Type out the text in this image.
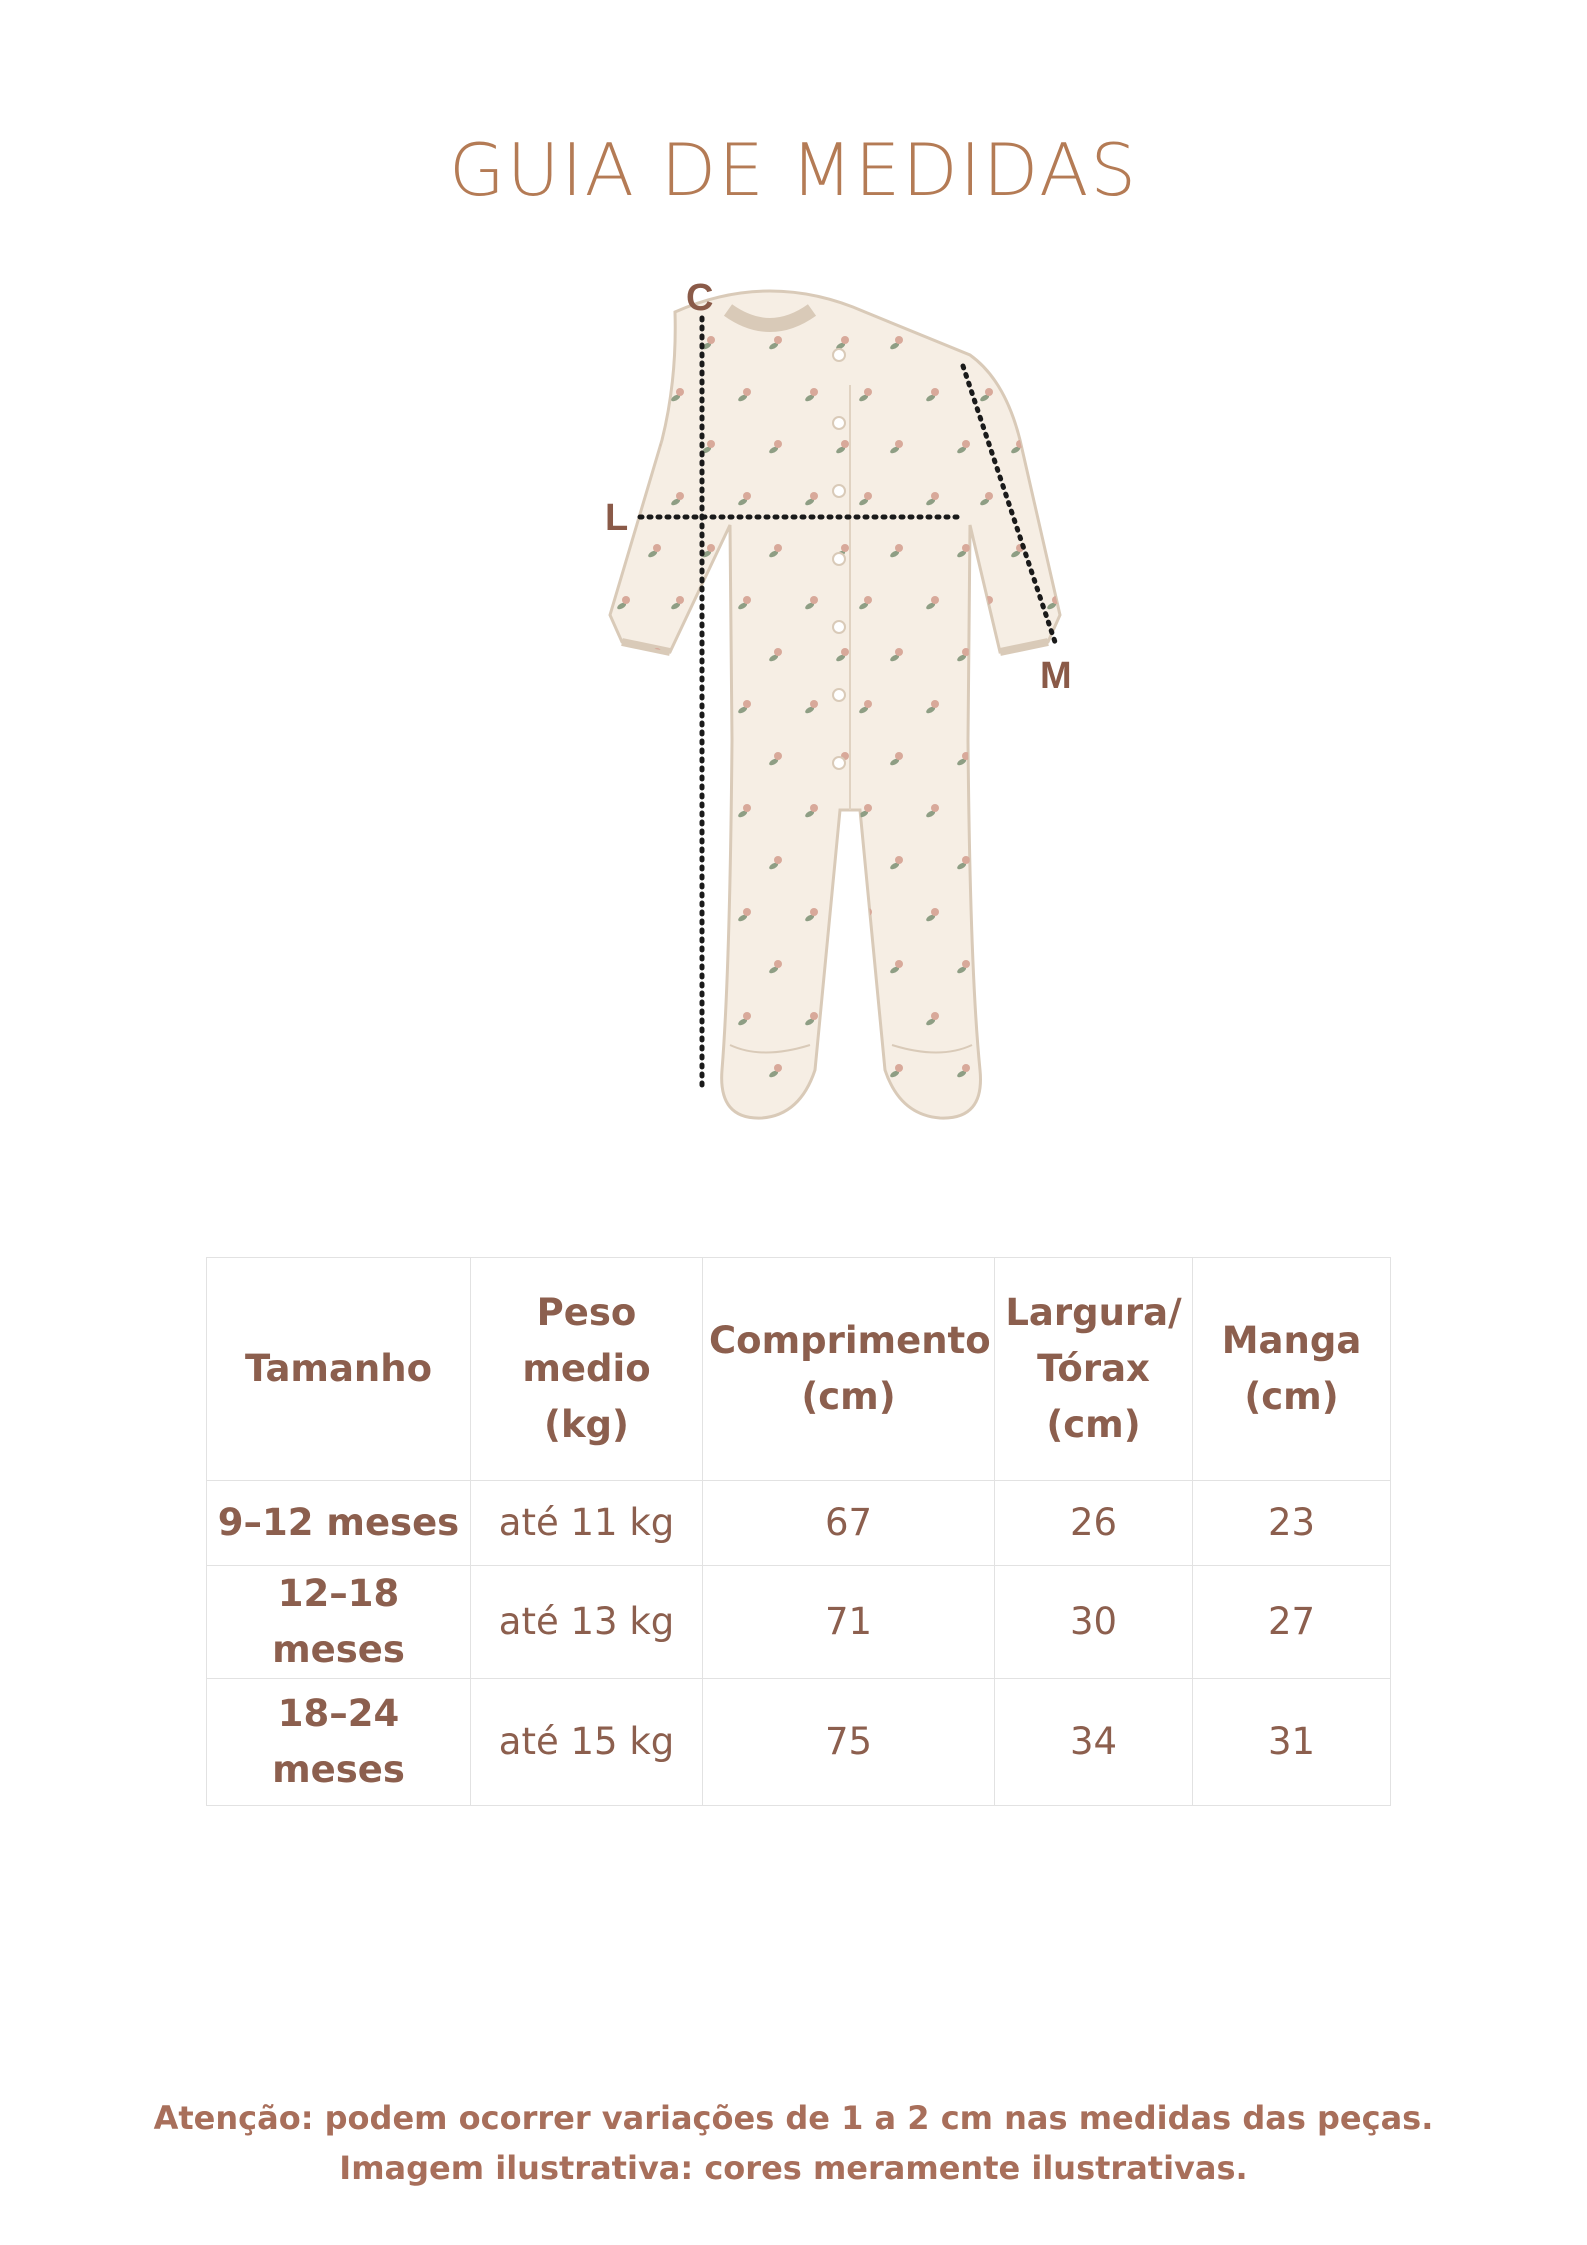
GUIA DE MEDIDAS
C
L
M
Tamanho	Peso medio (kg)	Comprimento (cm)	Largura/ Tórax (cm)	Manga (cm)
9–12 meses	até 11 kg	67	26	23
12–18 meses	até 13 kg	71	30	27
18–24 meses	até 15 kg	75	34	31
Atenção: podem ocorrer variações de 1 a 2 cm nas medidas das peças.
Imagem ilustrativa: cores meramente ilustrativas.
